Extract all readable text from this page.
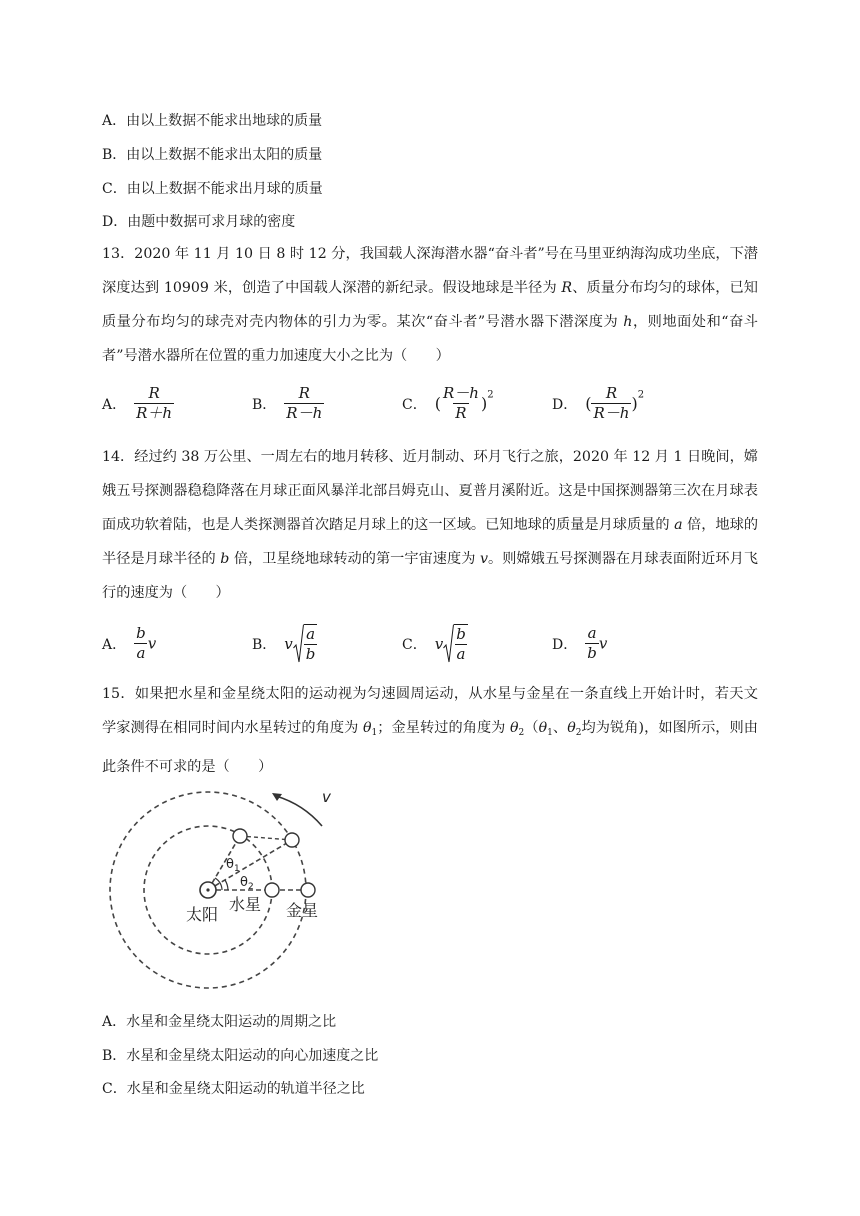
A．由以上数据不能求出地球的质量
B．由以上数据不能求出太阳的质量
C．由以上数据不能求出月球的质量
D．由题中数据可求月球的密度
13．2020 年 11 月 10 日 8 时 12 分，我国载人深海潜水器“奋斗者”号在马里亚纳海沟成功坐底，下潜深度达到 10909 米，创造了中国载人深潜的新纪录。假设地球是半径为 R、质量分布均匀的球体，已知质量分布均匀的球壳对壳内物体的引力为零。某次“奋斗者”号潜水器下潜深度为 h，则地面处和“奋斗者”号潜水器所在位置的重力加速度大小之比为（　　）
A． $\frac{R}{R+h}$	B． $\frac{R}{R-h}$	C． ( $\frac{R-h}{R} )^2$
D． ( $\frac{R}{R-h} )^2$
14．经过约 38 万公里、一周左右的地月转移、近月制动、环月飞行之旅，2020 年 12 月 1 日晚间，嫦娥五号探测器稳稳降落在月球正面风暴洋北部吕姆克山、夏普月溪附近。这是中国探测器第三次在月球表面成功软着陆，也是人类探测器首次踏足月球上的这一区域。已知地球的质量是月球质量的 a 倍，地球的半径是月球半径的 b 倍，卫星绕地球转动的第一宇宙速度为 v。则嫦娥五号探测器在月球表面附近环月飞行的速度为（　　）
A． $\frac{b}{a}$ v	B． v $\frac{a}{b}$	C． v $\frac{b}{a}$	D． $\frac{a}{b}$ v
15．如果把水星和金星绕太阳的运动视为匀速圆周运动，从水星与金星在一条直线上开始计时，若天文学家测得在相同时间内水星转过的角度为 $\theta_1$；金星转过的角度为 $\theta_2(\theta_1$、$\theta_2$均为锐角)，如图所示，则由此条件不可求的是（　　）
v
$\theta_1$
$\theta_2$
太阳
水星 金星
A．水星和金星绕太阳运动的周期之比
B．水星和金星绕太阳运动的向心加速度之比
C．水星和金星绕太阳运动的轨道半径之比
